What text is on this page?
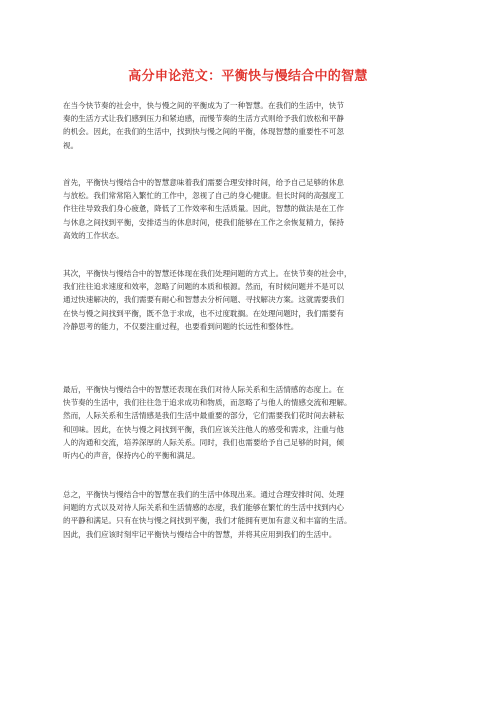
高分申论范文：平衡快与慢结合中的智慧
在当今快节奏的社会中，快与慢之间的平衡成为了一种智慧。在我们的生活中，快节
奏的生活方式让我们感到压力和紧迫感，而慢节奏的生活方式则给予我们放松和平静
的机会。因此，在我们的生活中，找到快与慢之间的平衡，体现智慧的重要性不可忽
视。
首先，平衡快与慢结合中的智慧意味着我们需要合理安排时间，给予自己足够的休息
与放松。我们常常陷入繁忙的工作中，忽视了自己的身心健康。但长时间的高强度工
作往往导致我们身心疲惫，降低了工作效率和生活质量。因此，智慧的做法是在工作
与休息之间找到平衡，安排适当的休息时间，使我们能够在工作之余恢复精力，保持
高效的工作状态。
其次，平衡快与慢结合中的智慧还体现在我们处理问题的方式上。在快节奏的社会中，
我们往往追求速度和效率，忽略了问题的本质和根源。然而，有时候问题并不是可以
通过快速解决的，我们需要有耐心和智慧去分析问题、寻找解决方案。这就需要我们
在快与慢之间找到平衡，既不急于求成，也不过度耽搁。在处理问题时，我们需要有
冷静思考的能力，不仅要注重过程，也要看到问题的长远性和整体性。
最后，平衡快与慢结合中的智慧还表现在我们对待人际关系和生活情感的态度上。在
快节奏的生活中，我们往往急于追求成功和物质，而忽略了与他人的情感交流和理解。
然而，人际关系和生活情感是我们生活中最重要的部分，它们需要我们花时间去耕耘
和回味。因此，在快与慢之间找到平衡，我们应该关注他人的感受和需求，注重与他
人的沟通和交流，培养深厚的人际关系。同时，我们也需要给予自己足够的时间，倾
听内心的声音，保持内心的平衡和满足。
总之，平衡快与慢结合中的智慧在我们的生活中体现出来。通过合理安排时间、处理
问题的方式以及对待人际关系和生活情感的态度，我们能够在繁忙的生活中找到内心
的平静和满足。只有在快与慢之间找到平衡，我们才能拥有更加有意义和丰富的生活。
因此，我们应该时刻牢记平衡快与慢结合中的智慧，并将其应用到我们的生活中。
